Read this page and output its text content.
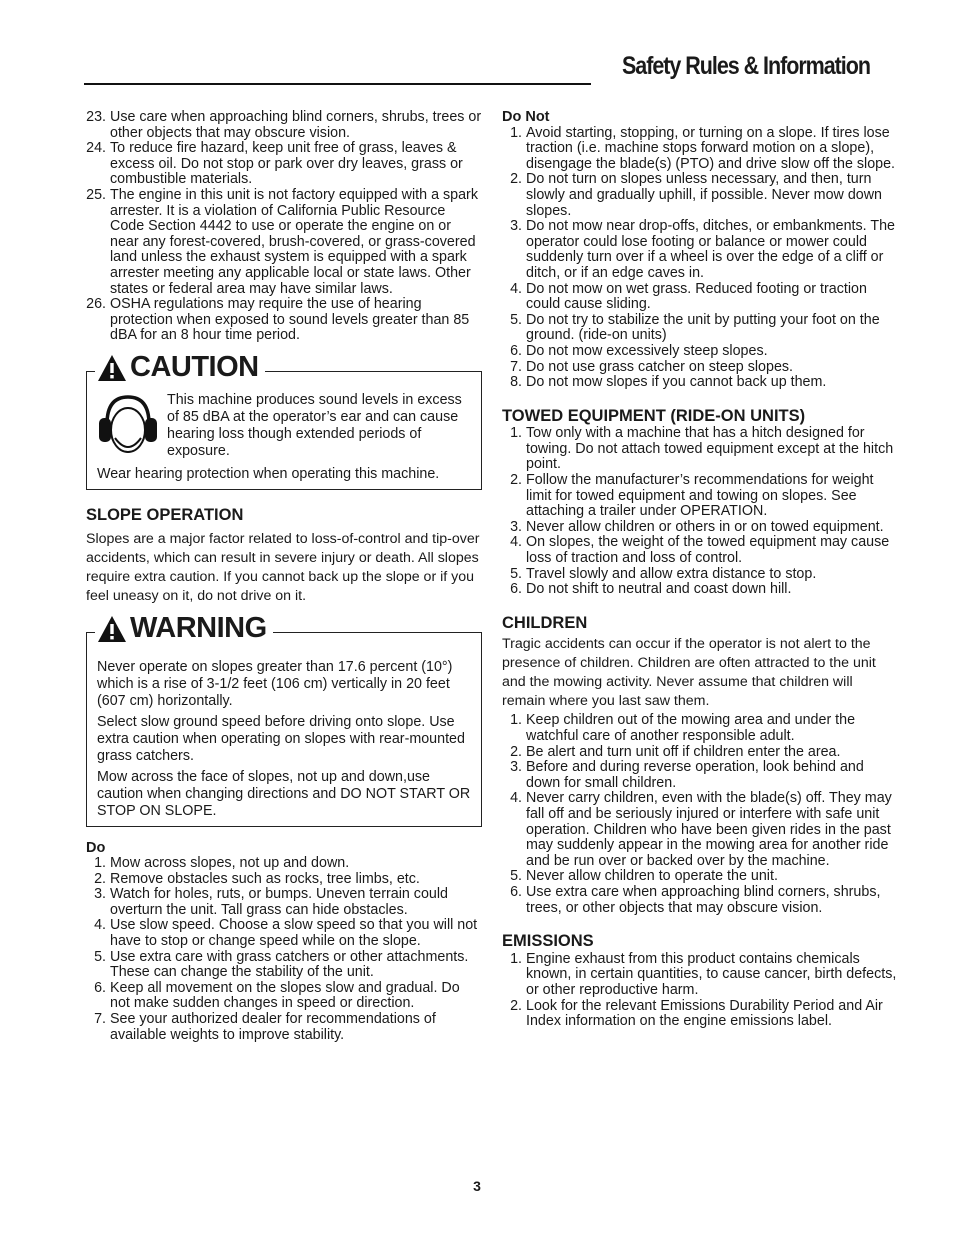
Safety Rules & Information
23. Use care when approaching blind corners, shrubs, trees or other objects that may obscure vision.
24. To reduce fire hazard, keep unit free of grass, leaves & excess oil. Do not stop or park over dry leaves, grass or combustible materials.
25. The engine in this unit is not factory equipped with a spark arrester. It is a violation of California Public Resource Code Section 4442 to use or operate the engine on or near any forest-covered, brush-covered, or grass-covered land unless the exhaust system is equipped with a spark arrester meeting any applicable local or state laws. Other states or federal area may have similar laws.
26. OSHA regulations may require the use of hearing protection when exposed to sound levels greater than 85 dBA for an 8 hour time period.
CAUTION

This machine produces sound levels in excess of 85 dBA at the operator’s ear and can cause hearing loss though extended periods of exposure.

Wear hearing protection when operating this machine.

SLOPE OPERATION
Slopes are a major factor related to loss-of-control and tip-over accidents, which can result in severe injury or death. All slopes require extra caution. If you cannot back up the slope or if you feel uneasy on it, do not drive on it.
WARNING

Never operate on slopes greater than 17.6 percent (10°) which is a rise of 3-1/2 feet (106 cm) vertically in 20 feet (607 cm) horizontally.

Select slow ground speed before driving onto slope. Use extra caution when operating on slopes with rear-mounted grass catchers.

Mow across the face of slopes, not up and down,use caution when changing directions and DO NOT START OR STOP ON SLOPE.

Do
1. Mow across slopes, not up and down.
2. Remove obstacles such as rocks, tree limbs, etc.
3. Watch for holes, ruts, or bumps. Uneven terrain could overturn the unit. Tall grass can hide obstacles.
4. Use slow speed. Choose a slow speed so that you will not have to stop or change speed while on the slope.
5. Use extra care with grass catchers or other attachments. These can change the stability of the unit.
6. Keep all movement on the slopes slow and gradual. Do not make sudden changes in speed or direction.
7. See your authorized dealer for recommendations of available weights to improve stability.
Do Not
1. Avoid starting, stopping, or turning on a slope. If tires lose traction (i.e. machine stops forward motion on a slope), disengage the blade(s) (PTO) and drive slow off the slope.
2. Do not turn on slopes unless necessary, and then, turn slowly and gradually uphill, if possible. Never mow down slopes.
3. Do not mow near drop-offs, ditches, or embankments. The operator could lose footing or balance or mower could suddenly turn over if a wheel is over the edge of a cliff or ditch, or if an edge caves in.
4. Do not mow on wet grass. Reduced footing or traction could cause sliding.
5. Do not try to stabilize the unit by putting your foot on the ground. (ride-on units)
6. Do not mow excessively steep slopes.
7. Do not use grass catcher on steep slopes.
8. Do not mow slopes if you cannot back up them.
TOWED EQUIPMENT (RIDE-ON UNITS)
1. Tow only with a machine that has a hitch designed for towing. Do not attach towed equipment except at the hitch point.
2. Follow the manufacturer’s recommendations for weight limit for towed equipment and towing on slopes. See attaching a trailer under OPERATION.
3. Never allow children or others in or on towed equipment.
4. On slopes, the weight of the towed equipment may cause loss of traction and loss of control.
5. Travel slowly and allow extra distance to stop.
6. Do not shift to neutral and coast down hill.
CHILDREN
Tragic accidents can occur if the operator is not alert to the presence of children. Children are often attracted to the unit and the mowing activity. Never assume that children will remain where you last saw them.
1. Keep children out of the mowing area and under the watchful care of another responsible adult.
2. Be alert and turn unit off if children enter the area.
3. Before and during reverse operation, look behind and down for small children.
4. Never carry children, even with the blade(s) off. They may fall off and be seriously injured or interfere with safe unit operation. Children who have been given rides in the past may suddenly appear in the mowing area for another ride and be run over or backed over by the machine.
5. Never allow children to operate the unit.
6. Use extra care when approaching blind corners, shrubs, trees, or other objects that may obscure vision.
EMISSIONS
1. Engine exhaust from this product contains chemicals known, in certain quantities, to cause cancer, birth defects, or other reproductive harm.
2. Look for the relevant Emissions Durability Period and Air Index information on the engine emissions label.
3
